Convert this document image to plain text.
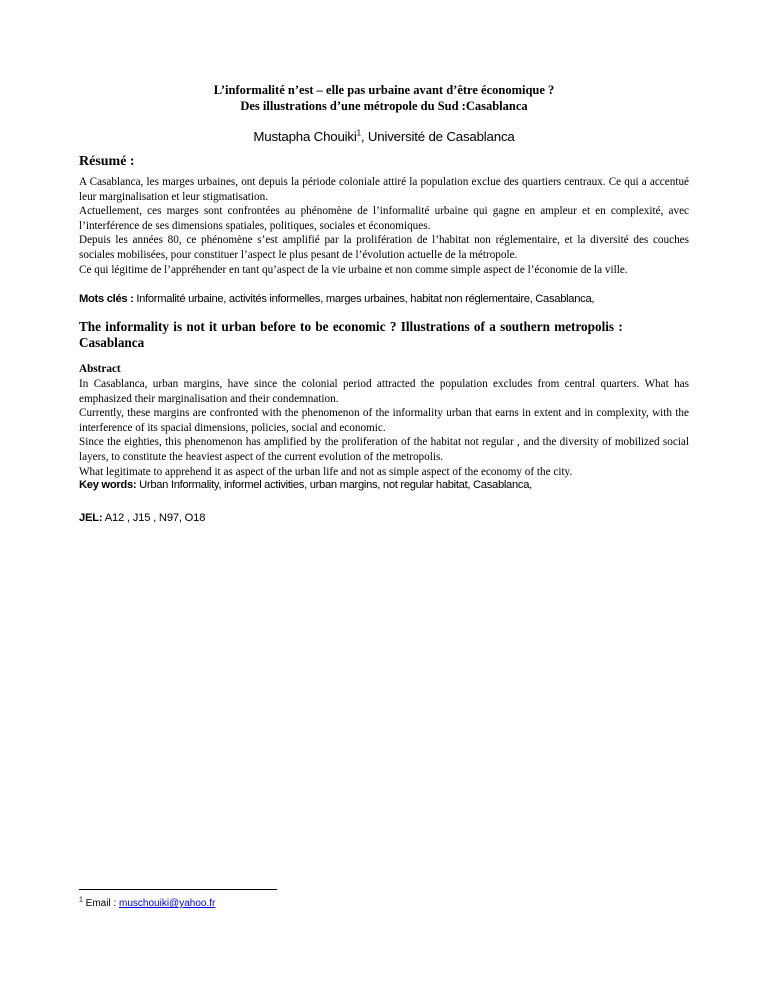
L’informalité n’est – elle pas urbaine avant d’être économique ?
Des illustrations d’une métropole du Sud :Casablanca
Mustapha Chouiki$^1$, Université de Casablanca
Résumé :

A Casablanca, les marges urbaines, ont depuis la période coloniale attiré la population exclue des quartiers centraux. Ce qui a accentué leur marginalisation et leur stigmatisation.

Actuellement, ces marges sont confrontées au phénomène de l’informalité urbaine qui gagne en ampleur et en complexité, avec l’interférence de ses dimensions spatiales, politiques, sociales et économiques.

Depuis les années 80, ce phénomène s’est amplifié par la prolifération de l’habitat non réglementaire, et la diversité des couches sociales mobilisées, pour constituer l’aspect le plus pesant de l’évolution actuelle de la métropole.

Ce qui légitime de l’appréhender en tant qu’aspect de la vie urbaine et non comme simple aspect de l’économie de la ville.

Mots clés : Informalité urbaine, activités informelles, marges urbaines, habitat non réglementaire, Casablanca,
The informality is not it urban before to be economic ? Illustrations of a southern metropolis : Casablanca
Abstract

In Casablanca, urban margins, have since the colonial period attracted the population excludes from central quarters. What has emphasized their marginalisation and their condemnation.

Currently, these margins are confronted with the phenomenon of the informality urban that earns in extent and in complexity, with the interference of its spacial dimensions, policies, social and economic.

Since the eighties, this phenomenon has amplified by the proliferation of the habitat not regular , and the diversity of mobilized social layers, to constitute the heaviest aspect of the current evolution of the metropolis.

What legitimate to apprehend it as aspect of the urban life and not as simple aspect of the economy of the city.

Key words: Urban Informality, informel activities, urban margins, not regular habitat, Casablanca,
JEL: A12 , J15 , N97, O18
$^1$ Email : muschouiki@yahoo.fr
